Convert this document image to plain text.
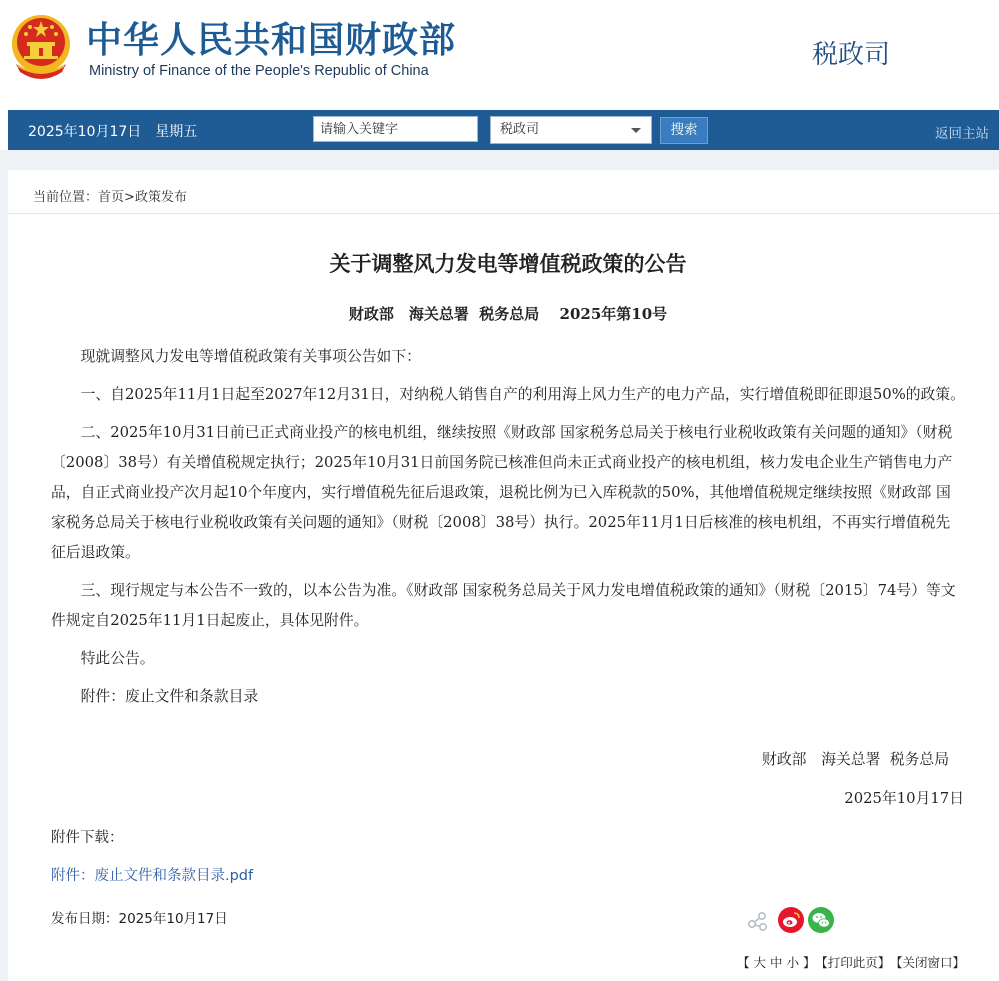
中华人民共和国财政部
Ministry of Finance of the People's Republic of China
税政司
2025年10月17日　星期五	请输入关键字	税政司	搜索	返回主站
当前位置：首页>政策发布
关于调整风力发电等增值税政策的公告
财政部　海关总署  税务总局　 2025年第10号

现就调整风力发电等增值税政策有关事项公告如下：

一、自2025年11月1日起至2027年12月31日，对纳税人销售自产的利用海上风力生产的电力产品，实行增值税即征即退50%的政策。

二、2025年10月31日前已正式商业投产的核电机组，继续按照《财政部 国家税务总局关于核电行业税收政策有关问题的通知》（财税〔2008〕38号）有关增值税规定执行；2025年10月31日前国务院已核准但尚未正式商业投产的核电机组，核力发电企业生产销售电力产品，自正式商业投产次月起10个年度内，实行增值税先征后退政策，退税比例为已入库税款的50%，其他增值税规定继续按照《财政部 国家税务总局关于核电行业税收政策有关问题的通知》（财税〔2008〕38号）执行。2025年11月1日后核准的核电机组，不再实行增值税先征后退政策。

三、现行规定与本公告不一致的，以本公告为准。《财政部 国家税务总局关于风力发电增值税政策的通知》（财税〔2015〕74号）等文件规定自2025年11月1日起废止，具体见附件。

特此公告。

附件：废止文件和条款目录

财政部　海关总署  税务总局
2025年10月17日
附件下载：
附件：废止文件和条款目录.pdf
发布日期：2025年10月17日
【 大 中 小 】 【打印此页】 【关闭窗口】
